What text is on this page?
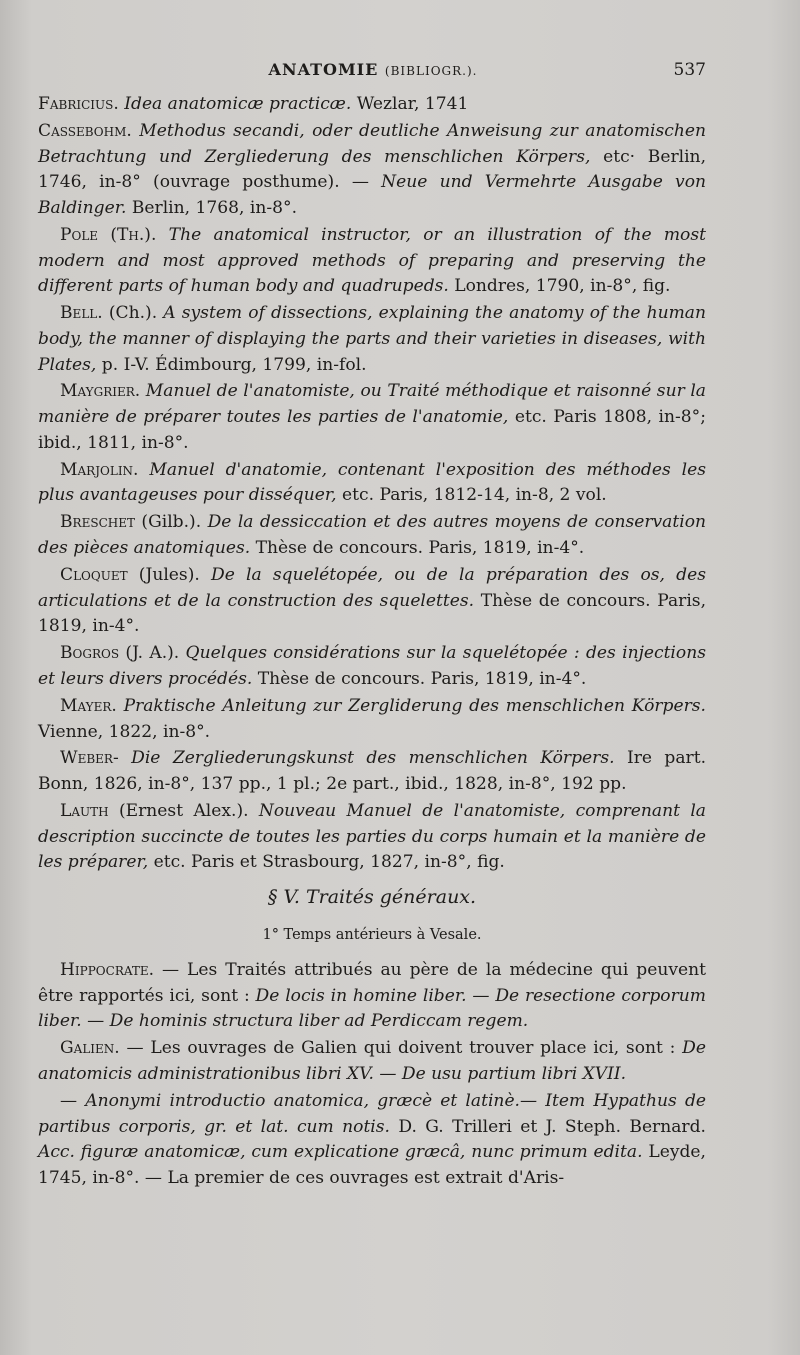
ANATOMIE (BIBLIOGR.).	537

Fabricius. Idea anatomicæ practicæ. Wezlar, 1741

Cassebohm. Methodus secandi, oder deutliche Anweisung zur anatomischen Betrachtung und Zergliederung des menschlichen Körpers, etc· Berlin, 1746, in-8° (ouvrage posthume). — Neue und Vermehrte Ausgabe von Baldinger. Berlin, 1768, in-8°.

Pole (Th.). The anatomical instructor, or an illustration of the most modern and most approved methods of preparing and preserving the different parts of human body and quadrupeds. Londres, 1790, in-8°, fig.

Bell. (Ch.). A system of dissections, explaining the anatomy of the human body, the manner of displaying the parts and their varieties in diseases, with Plates, p. I-V. Édimbourg, 1799, in-fol.

Maygrier. Manuel de l'anatomiste, ou Traité méthodique et raisonné sur la manière de préparer toutes les parties de l'anatomie, etc. Paris 1808, in-8°; ibid., 1811, in-8°.

Marjolin. Manuel d'anatomie, contenant l'exposition des méthodes les plus avantageuses pour disséquer, etc. Paris, 1812-14, in-8, 2 vol.

Breschet (Gilb.). De la dessiccation et des autres moyens de conservation des pièces anatomiques. Thèse de concours. Paris, 1819, in-4°.

Cloquet (Jules). De la squelétopée, ou de la préparation des os, des articulations et de la construction des squelettes. Thèse de concours. Paris, 1819, in-4°.

Bogros (J. A.). Quelques considérations sur la squelétopée : des injections et leurs divers procédés. Thèse de concours. Paris, 1819, in-4°.

Mayer. Praktische Anleitung zur Zergliderung des menschlichen Körpers. Vienne, 1822, in-8°.

Weber- Die Zergliederungskunst des menschlichen Körpers. Ire part. Bonn, 1826, in-8°, 137 pp., 1 pl.; 2e part., ibid., 1828, in-8°, 192 pp.

Lauth (Ernest Alex.). Nouveau Manuel de l'anatomiste, comprenant la description succincte de toutes les parties du corps humain et la manière de les préparer, etc. Paris et Strasbourg, 1827, in-8°, fig.

§ V. Traités généraux.
1° Temps antérieurs à Vesale.

Hippocrate. — Les Traités attribués au père de la médecine qui peuvent être rapportés ici, sont : De locis in homine liber. — De resectione corporum liber. — De hominis structura liber ad Perdiccam regem.

Galien. — Les ouvrages de Galien qui doivent trouver place ici, sont : De anatomicis administrationibus libri XV. — De usu partium libri XVII.

— Anonymi introductio anatomica, græcè et latinè.— Item Hypathus de partibus corporis, gr. et lat. cum notis. D. G. Trilleri et J. Steph. Bernard. Acc. figuræ anatomicæ, cum explicatione græcâ, nunc primum edita. Leyde, 1745, in-8°. — La premier de ces ouvrages est extrait d'Aris-
